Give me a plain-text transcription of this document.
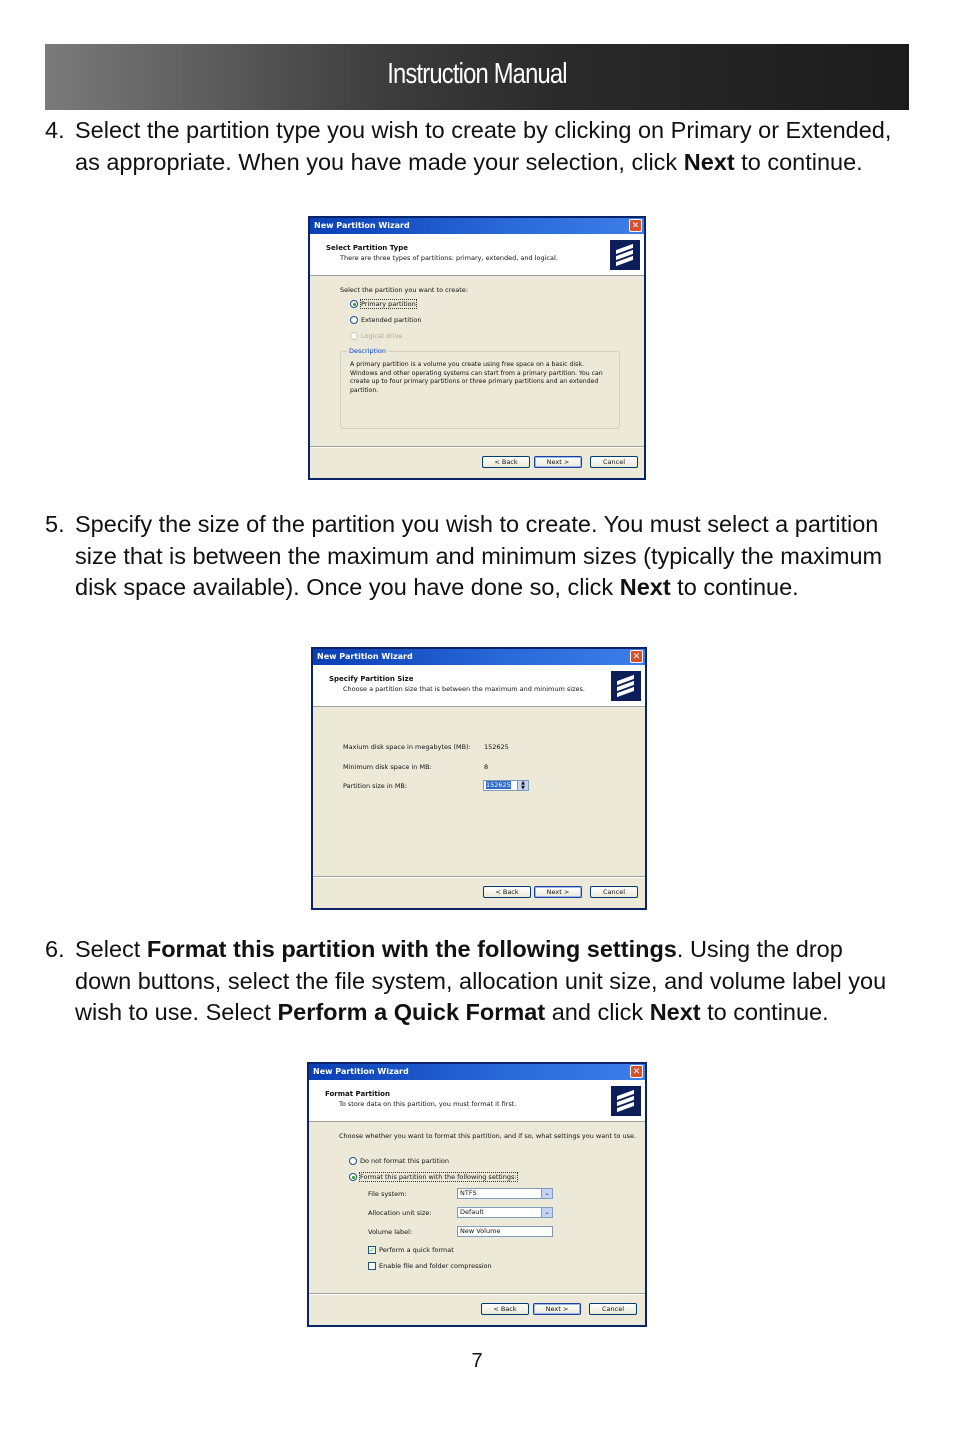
Instruction Manual
4. Select the partition type you wish to create by clicking on Primary or Extended, as appropriate. When you have made your selection, click Next to continue.
New Partition Wizard	✕
Select Partition Type
There are three types of partitions: primary, extended, and logical.
Select the partition you want to create:
Primary partition
Extended partition
Logical drive
Description
A primary partition is a volume you create using free space on a basic disk. Windows and other operating systems can start from a primary partition. You can create up to four primary partitions or three primary partitions and an extended partition.
< Back	Next >	Cancel
5. Specify the size of the partition you wish to create. You must select a partition size that is between the maximum and minimum sizes (typically the maximum disk space available). Once you have done so, click Next to continue.
New Partition Wizard	✕
Specify Partition Size
Choose a partition size that is between the maximum and minimum sizes.
Maxium disk space in megabytes (MB): 152625
Minimum disk space in MB:	8
Partition size in MB:	152625	▲
▼
< Back	Next >	Cancel
6. Select Format this partition with the following settings. Using the drop down buttons, select the file system, allocation unit size, and volume label you wish to use. Select Perform a Quick Format and click Next to continue.
New Partition Wizard	✕
Format Partition
To store data on this partition, you must format it first.
Choose whether you want to format this partition, and if so, what settings you want to use.
Do not format this partition
Format this partition with the following settings:
File system:	NTFS	⌄
Allocation unit size:	Default	⌄
Volume label:	New Volume
✓ Perform a quick format
Enable file and folder compression
< Back	Next >	Cancel
7
